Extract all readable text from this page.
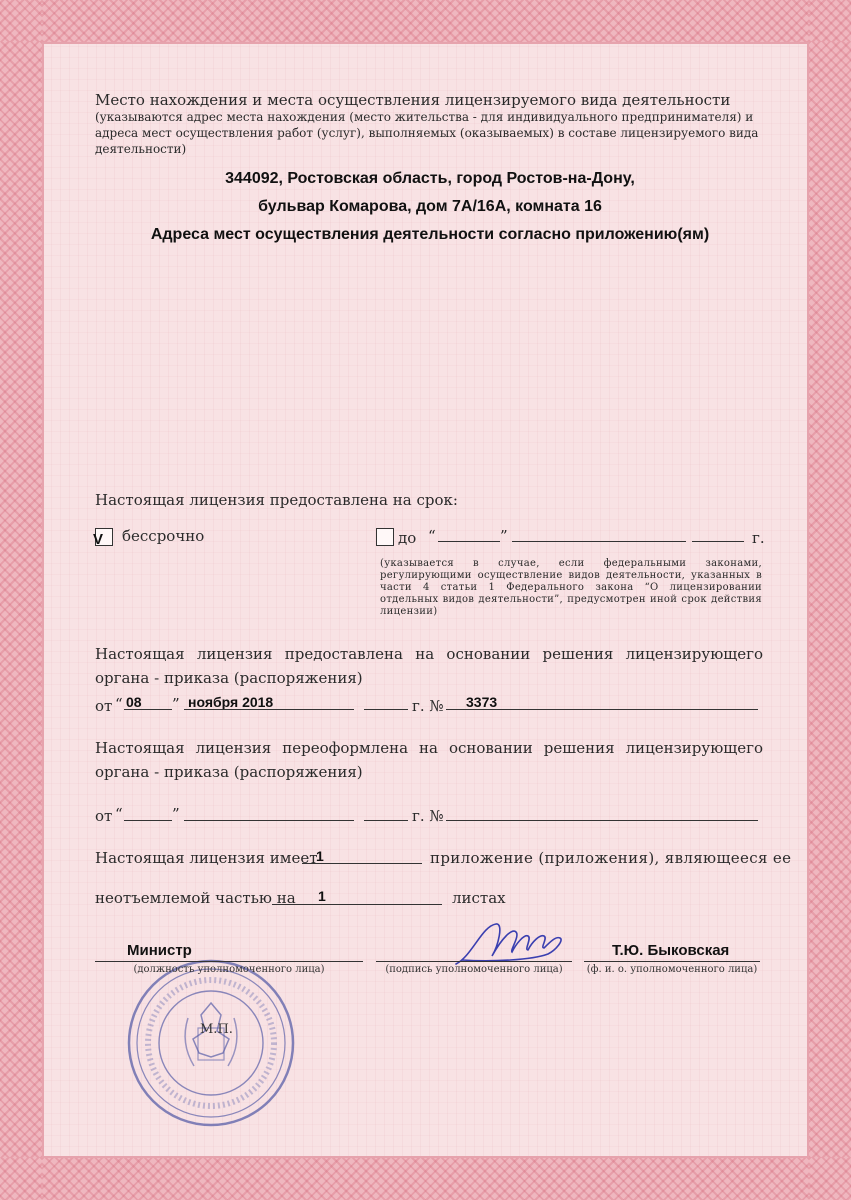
Место нахождения и места осуществления лицензируемого вида деятельности (указываются адрес места нахождения (место жительства - для индивидуального предпринимателя) и адреса мест осуществления работ (услуг), выполняемых (оказываемых) в составе лицензируемого вида деятельности)
344092, Ростовская область, город Ростов-на-Дону,
бульвар Комарова, дом 7А/16А, комната 16
Адреса мест осуществления деятельности согласно приложению(ям)
Настоящая лицензия предоставлена на срок:
V бессрочно	до “	”	г.
(указывается в случае, если федеральными законами, регулирующими осуществление видов деятельности, указанных в части 4 статьи 1 Федерального закона “О лицензировании отдельных видов деятельности”, предусмотрен иной срок действия лицензии)
Настоящая лицензия предоставлена на основании решения лицензирующего органа - приказа (распоряжения)
от “ 08 ” ноября 2018	г. № 3373
Настоящая лицензия переоформлена на основании решения лицензирующего органа - приказа (распоряжения)
от “	”	г. №
Настоящая лицензия имеет
1	приложение (приложения), являющееся ее
неотъемлемой частью на 1	листах
М.П.
Министр
(должность уполномоченного лица)	(подпись уполномоченного лица)
Т.Ю. Быковская
(ф. и. о. уполномоченного лица)
